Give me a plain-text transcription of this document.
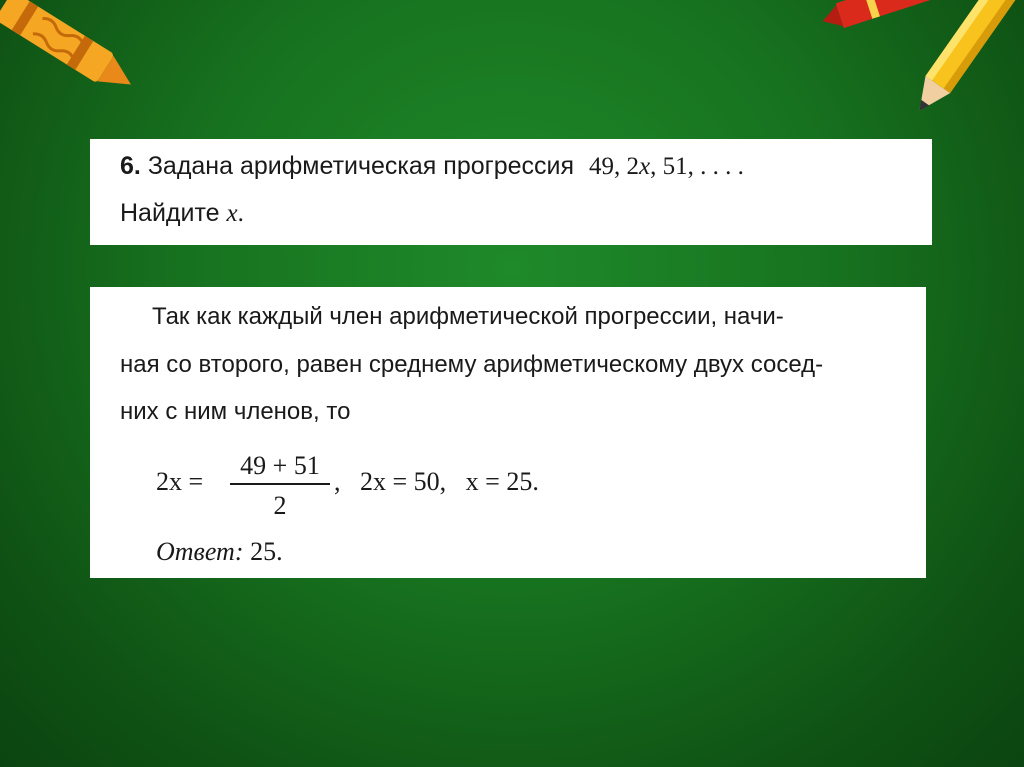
6. Задана арифметическая прогрессия 49, 2x, 51, . . . .
Найдите x.
Так как каждый член арифметической прогрессии, начи-
ная со второго, равен среднему арифметическому двух сосед-
них с ним членов, то
2x =
49 + 51
2
,   2x = 50,   x = 25.
Ответ: 25.
